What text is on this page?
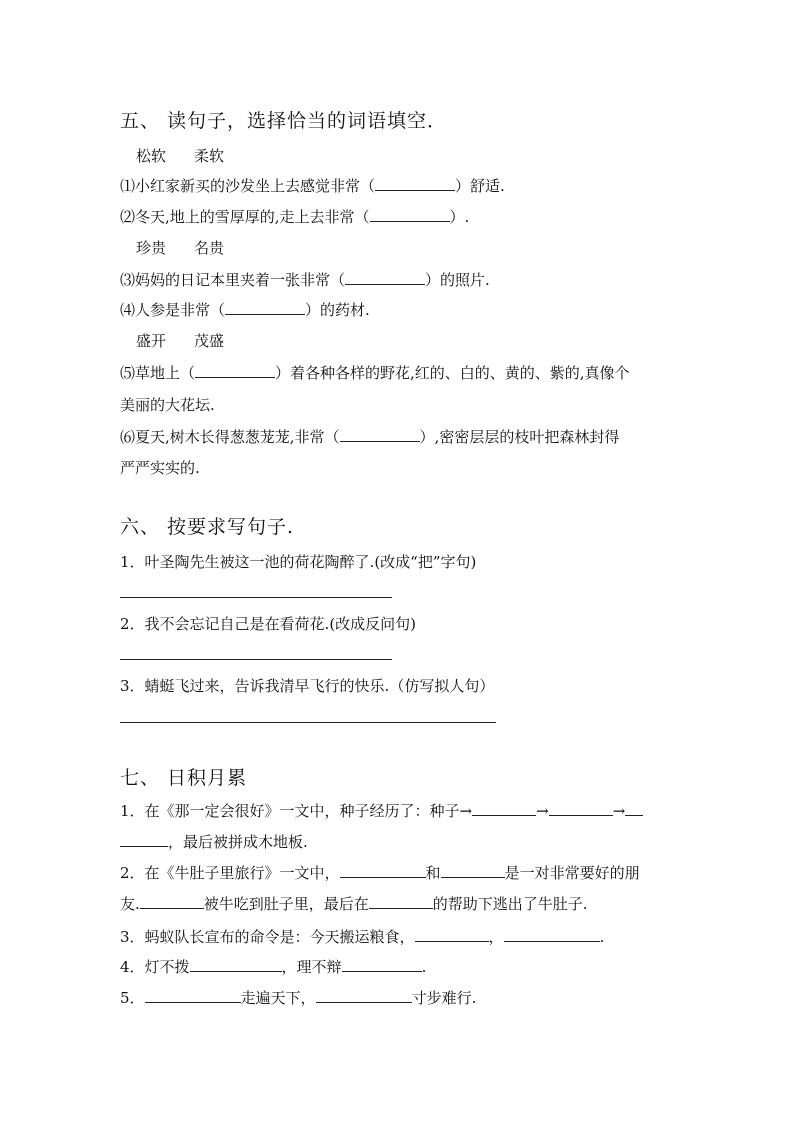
五、 读句子，选择恰当的词语填空．
松软 柔软
⑴小红家新买的沙发坐上去感觉非常（	）舒适.
⑵冬天,地上的雪厚厚的,走上去非常（	）.
珍贵 名贵
⑶妈妈的日记本里夹着一张非常（	）的照片.
⑷人参是非常（	）的药材.
盛开 茂盛
⑸草地上（	）着各种各样的野花,红的、白的、黄的、紫的,真像个
美丽的大花坛.
⑹夏天,树木长得葱葱茏茏,非常（	）,密密层层的枝叶把森林封得
严严实实的.
六、 按要求写句子.
1．叶圣陶先生被这一池的荷花陶醉了.(改成“把”字句)
2．我不会忘记自己是在看荷花.(改成反问句)
3．蜻蜓飞过来，告诉我清早飞行的快乐.（仿写拟人句）
七、 日积月累
1．在《那一定会很好》一文中，种子经历了：种子→	→	→
，最后被拼成木地板.
2．在《牛肚子里旅行》一文中，	和	是一对非常要好的朋
友.	被牛吃到肚子里，最后在	的帮助下逃出了牛肚子.
3．蚂蚁队长宣布的命令是：今天搬运粮食，	，	.
4．灯不拨	，理不辩	.
5．	走遍天下，	寸步难行.
